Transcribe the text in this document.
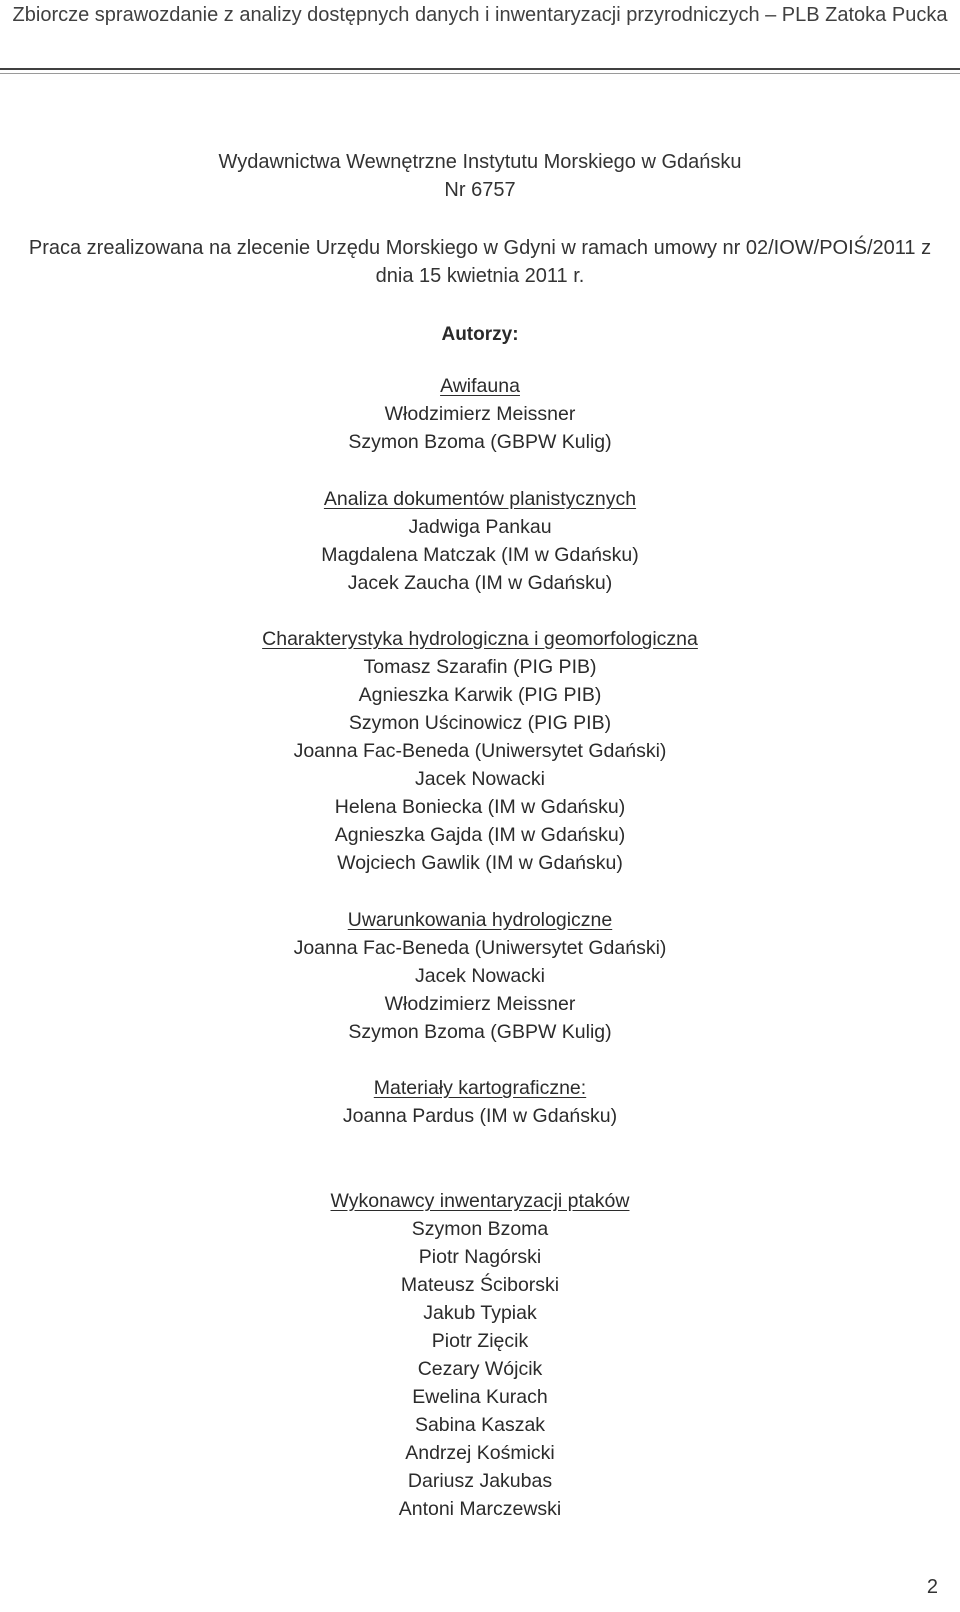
Zbiorcze sprawozdanie z analizy dostępnych danych i inwentaryzacji przyrodniczych – PLB Zatoka Pucka
Wydawnictwa Wewnętrzne Instytutu Morskiego w Gdańsku
Nr 6757
Praca zrealizowana na zlecenie Urzędu Morskiego w Gdyni w ramach umowy nr 02/IOW/POIŚ/2011 z
dnia 15 kwietnia 2011 r.
Autorzy:
Awifauna
Włodzimierz Meissner
Szymon Bzoma (GBPW Kulig)
Analiza dokumentów planistycznych
Jadwiga Pankau
Magdalena Matczak (IM w Gdańsku)
Jacek Zaucha (IM w Gdańsku)
Charakterystyka hydrologiczna i geomorfologiczna
Tomasz Szarafin (PIG PIB)
Agnieszka Karwik (PIG PIB)
Szymon Uścinowicz (PIG PIB)
Joanna Fac-Beneda (Uniwersytet Gdański)
Jacek Nowacki
Helena Boniecka (IM w Gdańsku)
Agnieszka Gajda (IM w Gdańsku)
Wojciech Gawlik (IM w Gdańsku)
Uwarunkowania hydrologiczne
Joanna Fac-Beneda (Uniwersytet Gdański)
Jacek Nowacki
Włodzimierz Meissner
Szymon Bzoma (GBPW Kulig)
Materiały kartograficzne:
Joanna Pardus (IM w Gdańsku)
Wykonawcy inwentaryzacji ptaków
Szymon Bzoma
Piotr Nagórski
Mateusz Ściborski
Jakub Typiak
Piotr Zięcik
Cezary Wójcik
Ewelina Kurach
Sabina Kaszak
Andrzej Kośmicki
Dariusz Jakubas
Antoni Marczewski
2
